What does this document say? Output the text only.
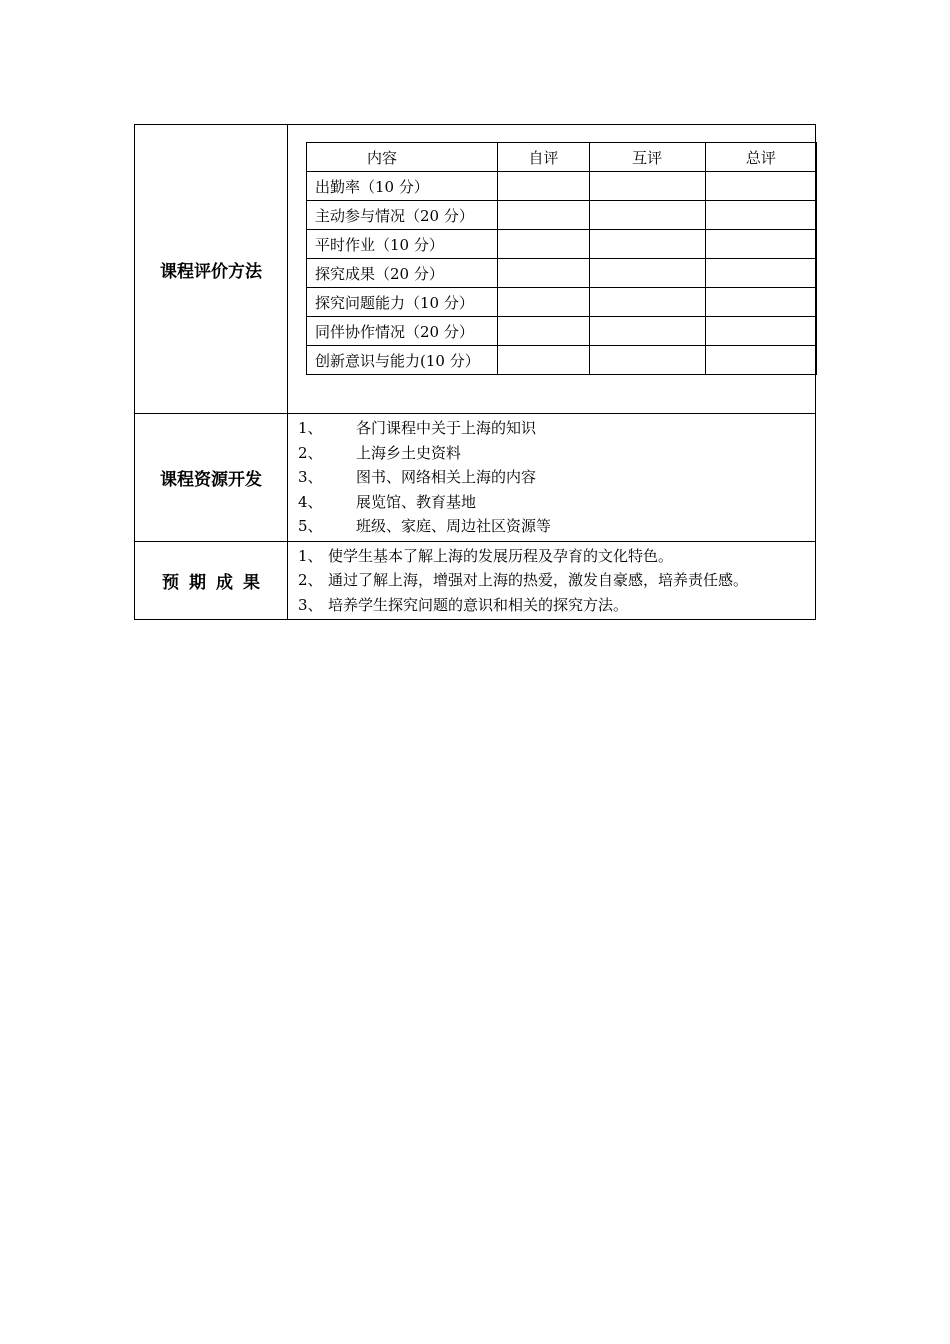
课程评价方法	
内容	自评	互评	总评
出勤率（10 分）			
主动参与情况（20 分）			
平时作业（10 分）			
探究成果（20 分）			
探究问题能力（10 分）			
同伴协作情况（20 分）			
创新意识与能力(10 分）			

课程资源开发	
1、 各门课程中关于上海的知识
2、 上海乡土史资料
3、 图书、网络相关上海的内容
4、 展览馆、教育基地
5、 班级、家庭、周边社区资源等

预期成果	
1、 使学生基本了解上海的发展历程及孕育的文化特色。
2、 通过了解上海，增强对上海的热爱，激发自豪感，培养责任感。
3、 培养学生探究问题的意识和相关的探究方法。
